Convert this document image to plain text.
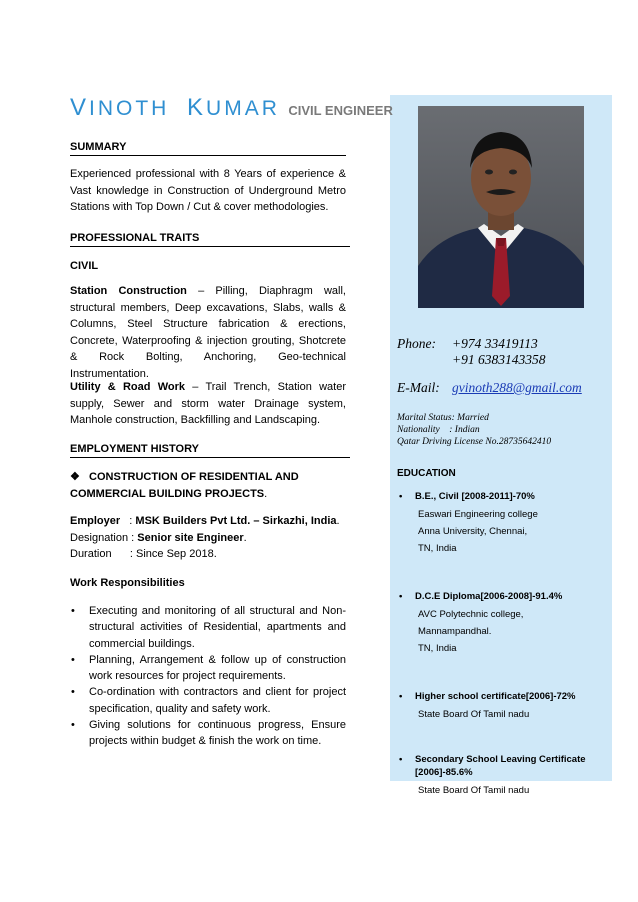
VINOTH KUMAR CIVIL ENGINEER
SUMMARY
Experienced professional with 8 Years of experience & Vast knowledge in Construction of Underground Metro Stations with Top Down / Cut & cover methodologies.
PROFESSIONAL TRAITS
CIVIL
Station Construction – Pilling, Diaphragm wall, structural members, Deep excavations, Slabs, walls & Columns, Steel Structure fabrication & erections, Concrete, Waterproofing & injection grouting, Shotcrete & Rock Bolting, Anchoring, Geo-technical Instrumentation.
Utility & Road Work – Trail Trench, Station water supply, Sewer and storm water Drainage system, Manhole construction, Backfilling and Landscaping.
EMPLOYMENT HISTORY
❖ CONSTRUCTION OF RESIDENTIAL AND COMMERCIAL BUILDING PROJECTS.
Employer   : MSK Builders Pvt Ltd. – Sirkazhi, India.
Designation : Senior site Engineer.
Duration      : Since Sep 2018.
Work Responsibilities
• Executing and monitoring of all structural and Non-structural activities of Residential, apartments and commercial buildings.
• Planning, Arrangement & follow up of construction work resources for project requirements.
• Co-ordination with contractors and client for project specification, quality and safety work.
• Giving solutions for continuous progress, Ensure projects within budget & finish the work on time.
Phone: +974 33419113
+91 6383143358
E-Mail: gvinoth288@gmail.com
Marital Status: Married
Nationality    : Indian
Qatar Driving License No.28735642410
EDUCATION
• B.E., Civil [2008-2011]-70%
Easwari Engineering college
Anna University, Chennai,
TN, India
• D.C.E Diploma[2006-2008]-91.4%
AVC Polytechnic college,
Mannampandhal.
TN, India
• Higher school certificate[2006]-72%
State Board Of Tamil nadu
• Secondary School Leaving Certificate [2006]-85.6%
State Board Of Tamil nadu
